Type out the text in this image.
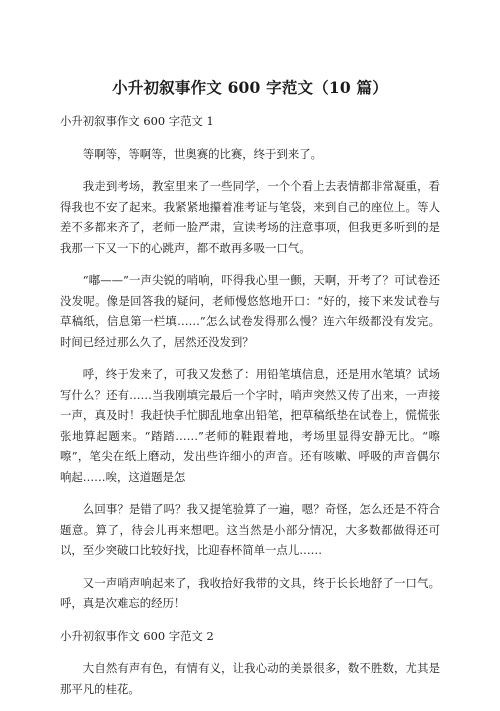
小升初叙事作文 600 字范文（10 篇）

小升初叙事作文 600 字范文 1

等啊等，等啊等，世奥赛的比赛，终于到来了。

我走到考场，教室里来了一些同学，一个个看上去表情都非常凝重，看得我也不安了起来。我紧紧地攥着准考证与笔袋，来到自己的座位上。等人差不多都来齐了，老师一脸严肃，宣读考场的注意事项，但我更多听到的是我那一下又一下的心跳声，都不敢再多吸一口气。

“嘟——”一声尖锐的哨响，吓得我心里一颤，天啊，开考了？可试卷还没发呢。像是回答我的疑问，老师慢悠悠地开口：“好的，接下来发试卷与草稿纸，信息第一栏填……”怎么试卷发得那么慢？连六年级都没有发完。时间已经过那么久了，居然还没发到？

呼，终于发来了，可我又发愁了：用铅笔填信息，还是用水笔填？试场写什么？还有……当我刚填完最后一个字时，哨声突然又传了出来，一声接一声，真及时！我赶快手忙脚乱地拿出铅笔，把草稿纸垫在试卷上，慌慌张张地算起题来。“踏踏……”老师的鞋跟着地，考场里显得安静无比。“嚓嚓”，笔尖在纸上磨动，发出些许细小的声音。还有咳嗽、呼吸的声音偶尔响起……唉，这道题是怎

么回事？是错了吗？我又提笔验算了一遍，嗯？奇怪，怎么还是不符合题意。算了，待会儿再来想吧。这当然是小部分情况，大多数都做得还可以，至少突破口比较好找，比迎春杯简单一点儿……

又一声哨声响起来了，我收拾好我带的文具，终于长长地舒了一口气。呼，真是次难忘的经历！

小升初叙事作文 600 字范文 2

大自然有声有色，有情有义，让我心动的美景很多，数不胜数，尤其是那平凡的桂花。
